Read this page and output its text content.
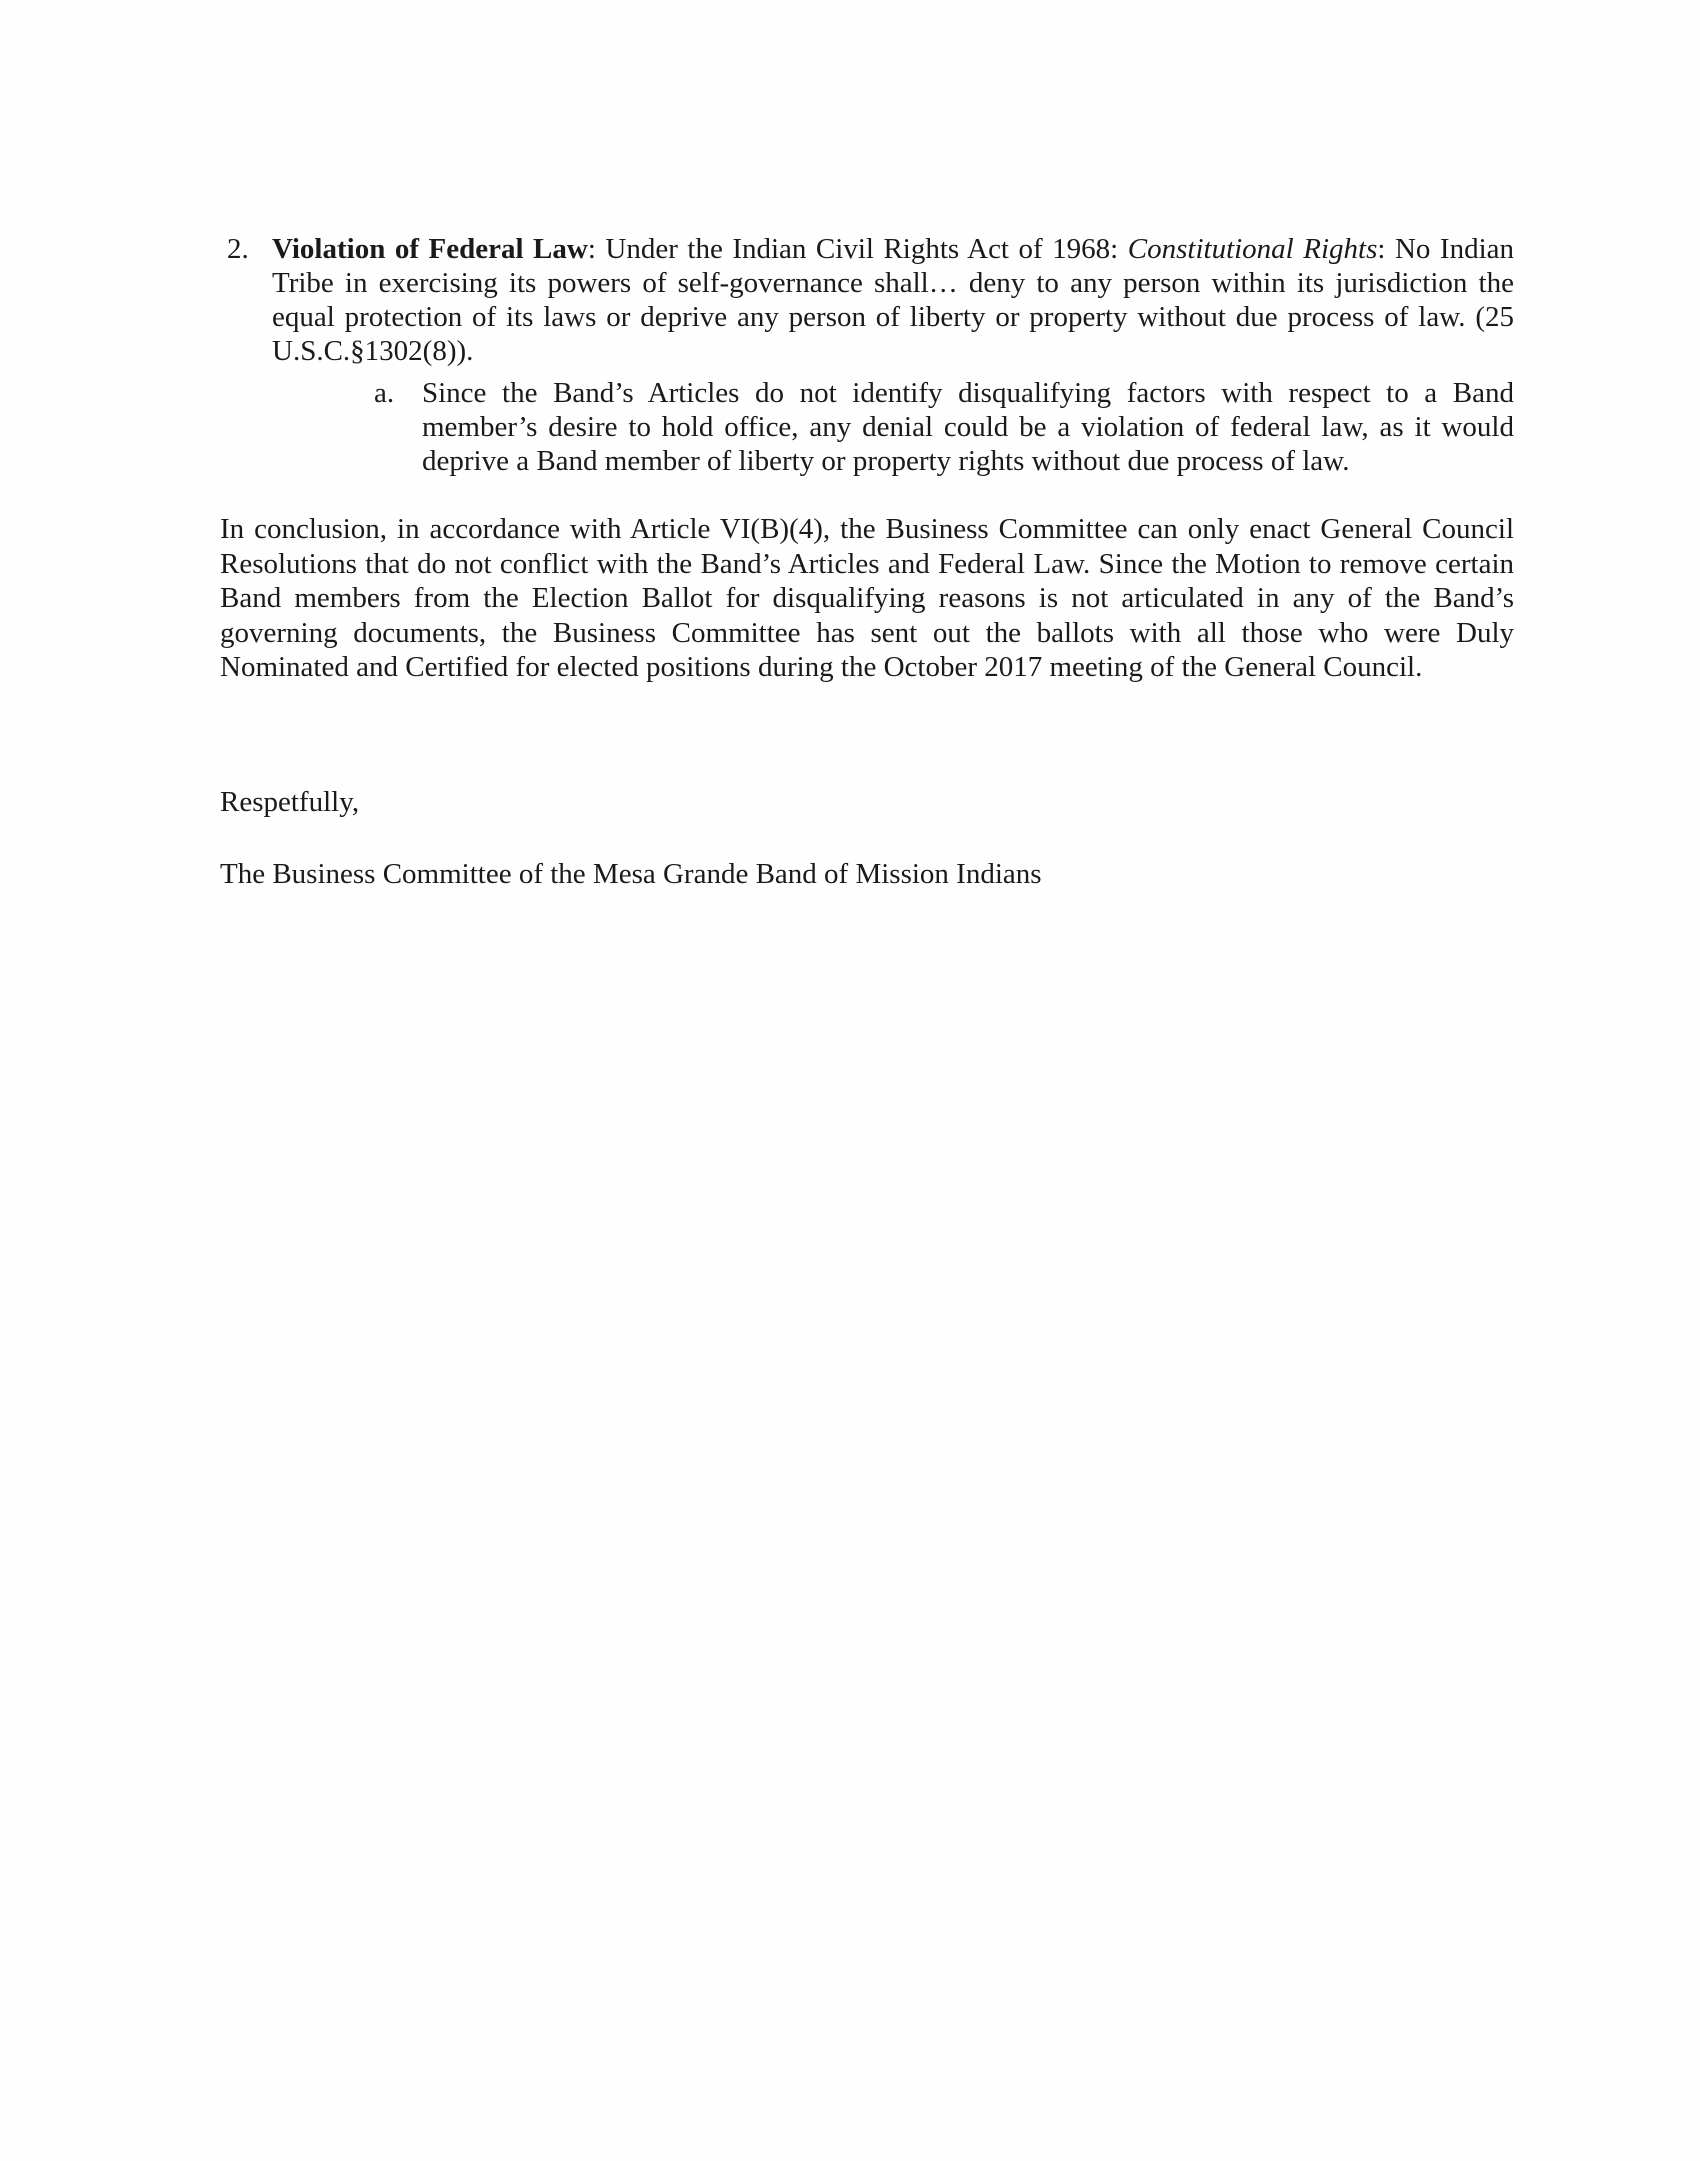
2. Violation of Federal Law: Under the Indian Civil Rights Act of 1968: Constitutional Rights: No Indian Tribe in exercising its powers of self-governance shall… deny to any person within its jurisdiction the equal protection of its laws or deprive any person of liberty or property without due process of law. (25 U.S.C.§1302(8)).
a. Since the Band’s Articles do not identify disqualifying factors with respect to a Band member’s desire to hold office, any denial could be a violation of federal law, as it would deprive a Band member of liberty or property rights without due process of law.
In conclusion, in accordance with Article VI(B)(4), the Business Committee can only enact General Council Resolutions that do not conflict with the Band’s Articles and Federal Law. Since the Motion to remove certain Band members from the Election Ballot for disqualifying reasons is not articulated in any of the Band’s governing documents, the Business Committee has sent out the ballots with all those who were Duly Nominated and Certified for elected positions during the October 2017 meeting of the General Council.
Respetfully,
The Business Committee of the Mesa Grande Band of Mission Indians
